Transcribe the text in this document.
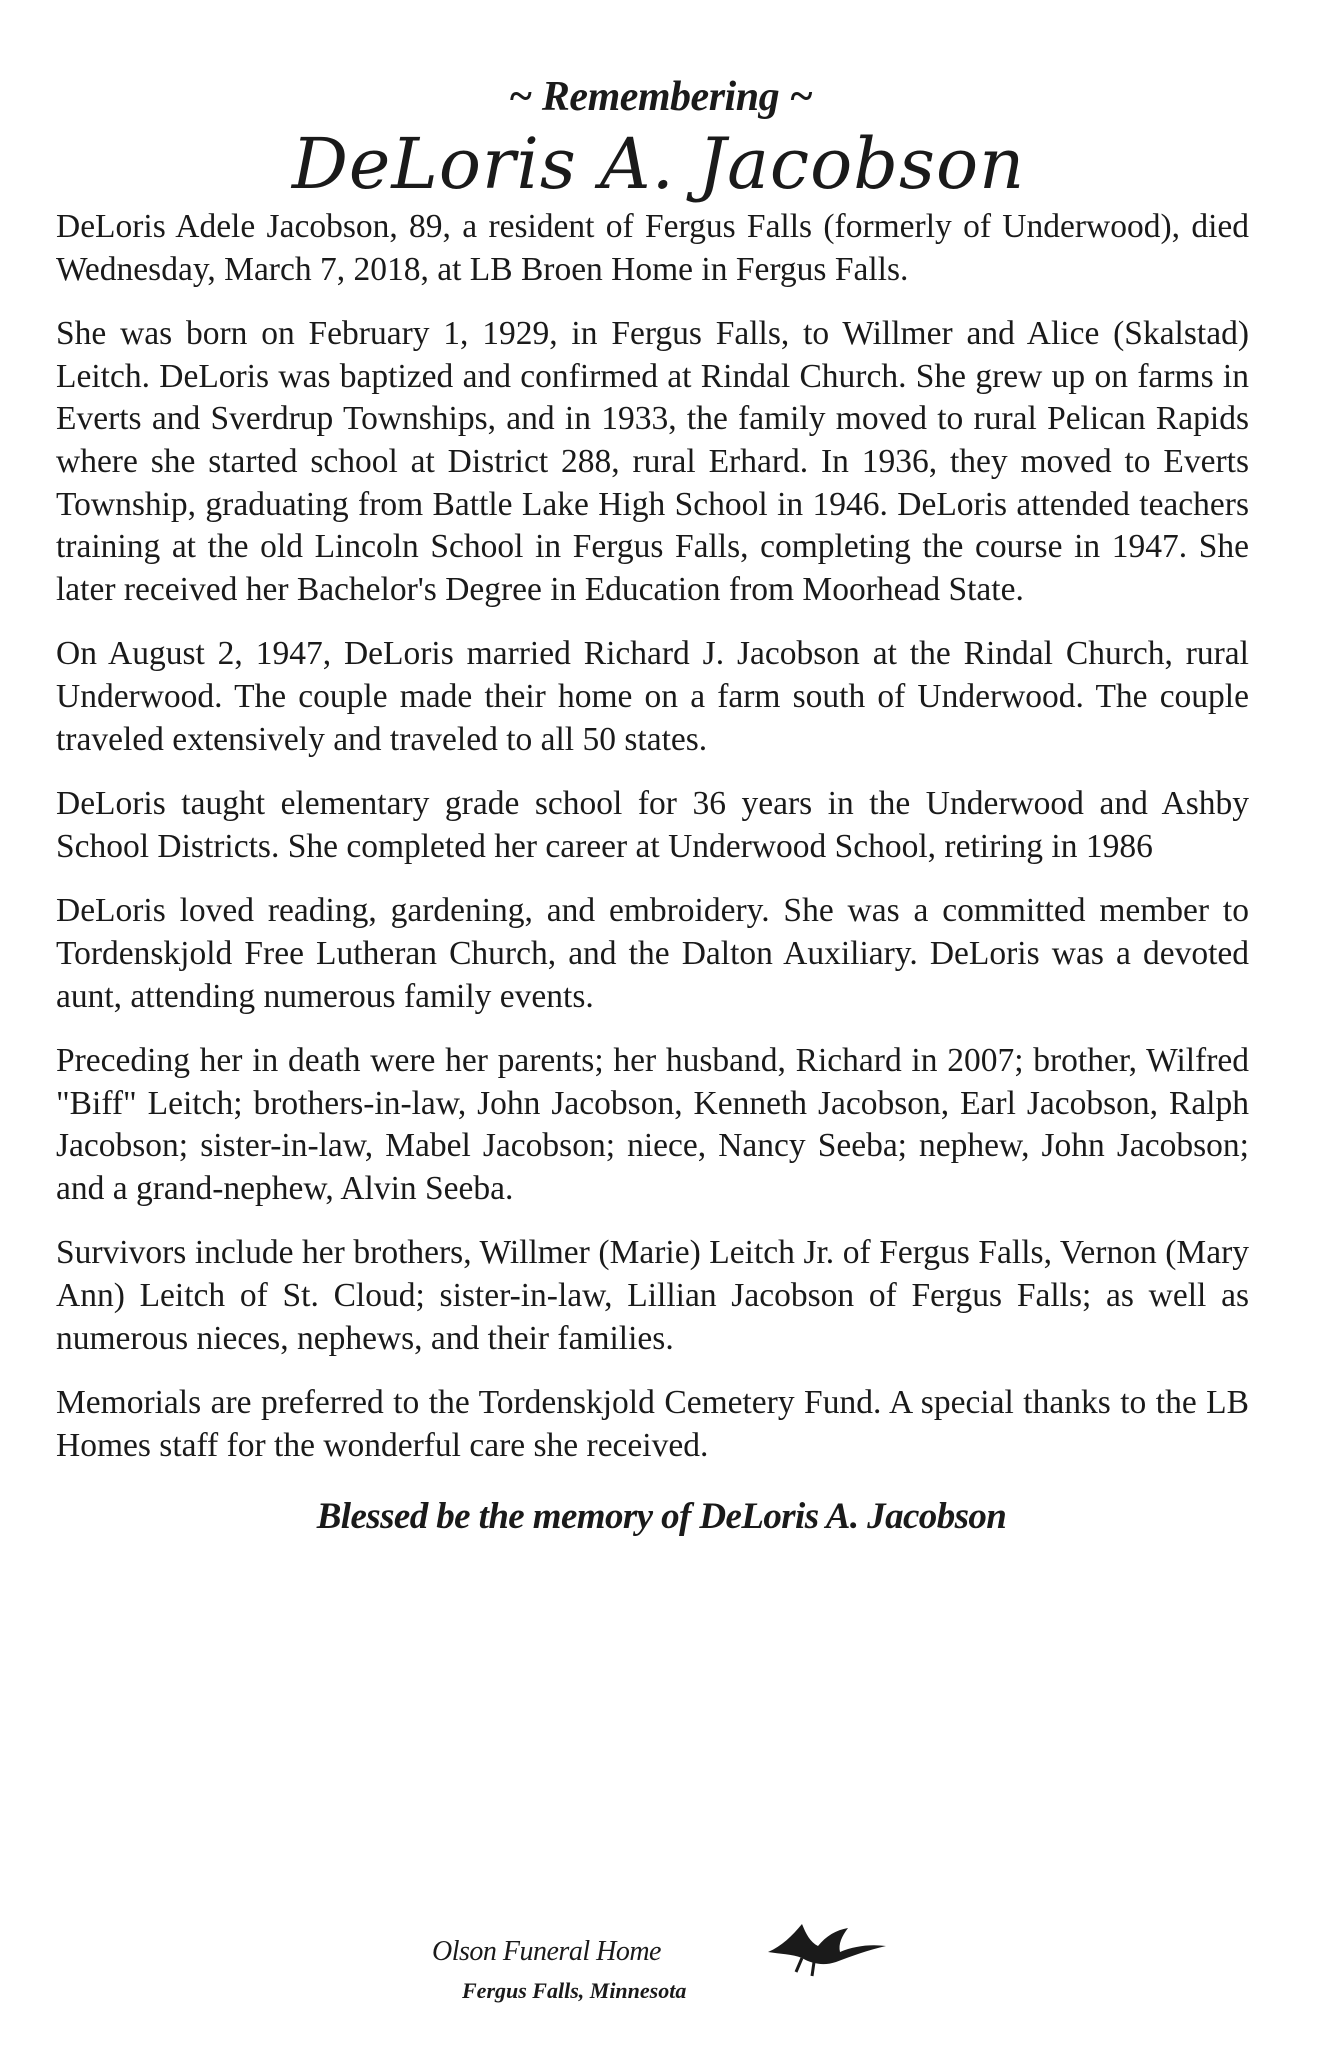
~ Remembering ~
DeLoris A. Jacobson

DeLoris Adele Jacobson, 89, a resident of Fergus Falls (formerly of Underwood), died Wednesday, March 7, 2018, at LB Broen Home in Fergus Falls.

She was born on February 1, 1929, in Fergus Falls, to Willmer and Alice (Skalstad) Leitch. DeLoris was baptized and confirmed at Rindal Church. She grew up on farms in Everts and Sverdrup Townships, and in 1933, the family moved to rural Pelican Rapids where she started school at District 288, rural Erhard. In 1936, they moved to Everts Township, graduating from Battle Lake High School in 1946. DeLoris attended teachers training at the old Lincoln School in Fergus Falls, completing the course in 1947. She later received her Bachelor's Degree in Education from Moorhead State.

On August 2, 1947, DeLoris married Richard J. Jacobson at the Rindal Church, rural Underwood. The couple made their home on a farm south of Underwood. The couple traveled extensively and traveled to all 50 states.

DeLoris taught elementary grade school for 36 years in the Underwood and Ashby School Districts. She completed her career at Underwood School, retiring in 1986

DeLoris loved reading, gardening, and embroidery. She was a committed member to Tordenskjold Free Lutheran Church, and the Dalton Auxiliary. DeLoris was a devoted aunt, attending numerous family events.

Preceding her in death were her parents; her husband, Richard in 2007; brother, Wilfred "Biff" Leitch; brothers-in-law, John Jacobson, Kenneth Jacobson, Earl Jacobson, Ralph Jacobson; sister-in-law, Mabel Jacobson; niece, Nancy Seeba; nephew, John Jacobson; and a grand-nephew, Alvin Seeba.

Survivors include her brothers, Willmer (Marie) Leitch Jr. of Fergus Falls, Vernon (Mary Ann) Leitch of St. Cloud; sister-in-law, Lillian Jacobson of Fergus Falls; as well as numerous nieces, nephews, and their families.

Memorials are preferred to the Tordenskjold Cemetery Fund. A special thanks to the LB Homes staff for the wonderful care she received.

Blessed be the memory of DeLoris A. Jacobson
Olson Funeral Home
Fergus Falls, Minnesota
